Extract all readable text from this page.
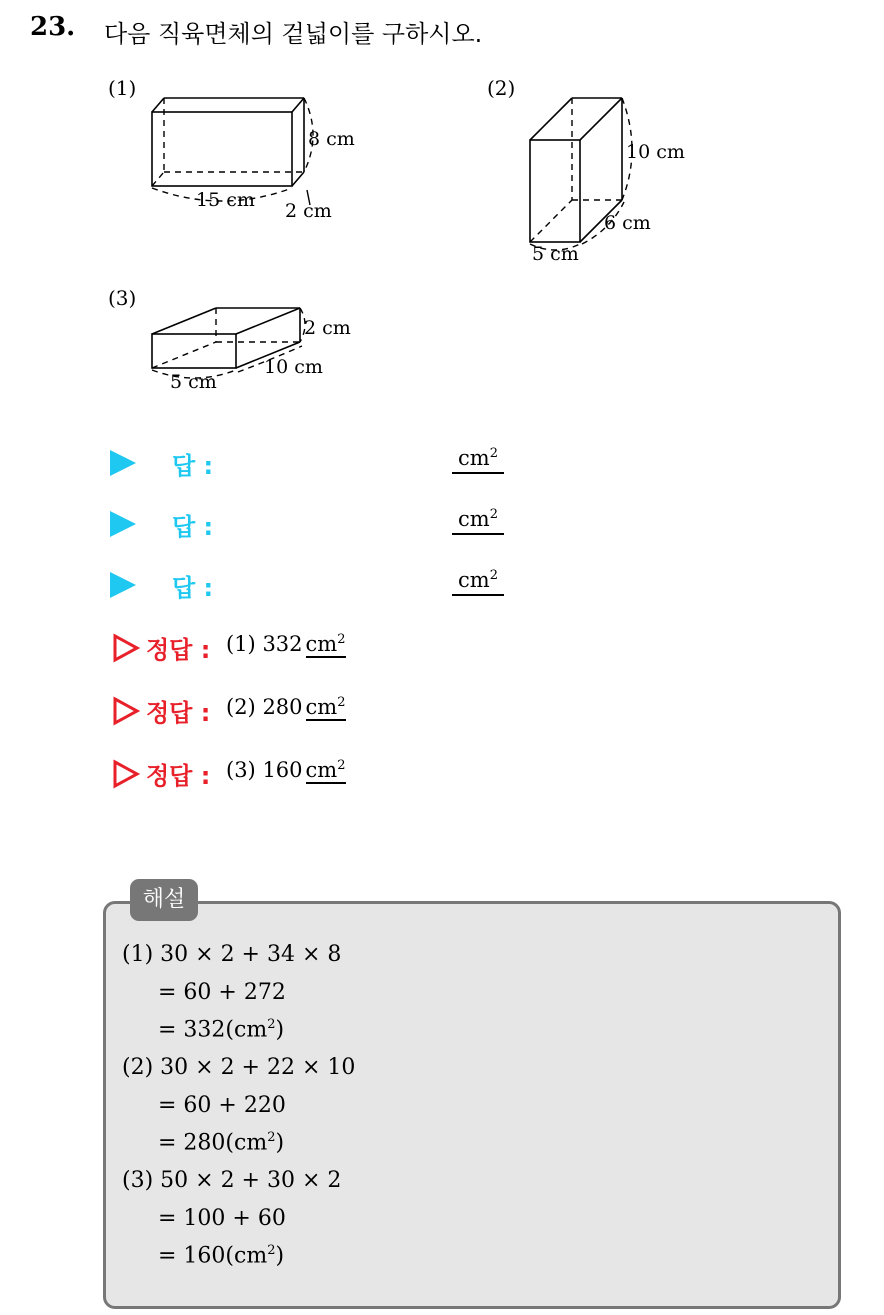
23. 다음 직육면체의 겉넓이를 구하시오.
(1)
8 cm
15 cm 2 cm
(2)
10 cm
6 cm
5 cm
(3)
2 cm
10 cm
5 cm
답 :	$cm^2$
답 :	$cm^2$
답 :	$cm^2$
정답 : (1) 332 $cm^2$
정답 : (2) 280 $cm^2$
정답 : (3) 160 $cm^2$
해설
(1) 30 × 2 + 34 × 8
= 60 + 272
= $332(cm^2)$
(2) 30 × 2 + 22 × 10
= 60 + 220
= $280(cm^2)$
(3) 50 × 2 + 30 × 2
= 100 + 60
= $160(cm^2)$
